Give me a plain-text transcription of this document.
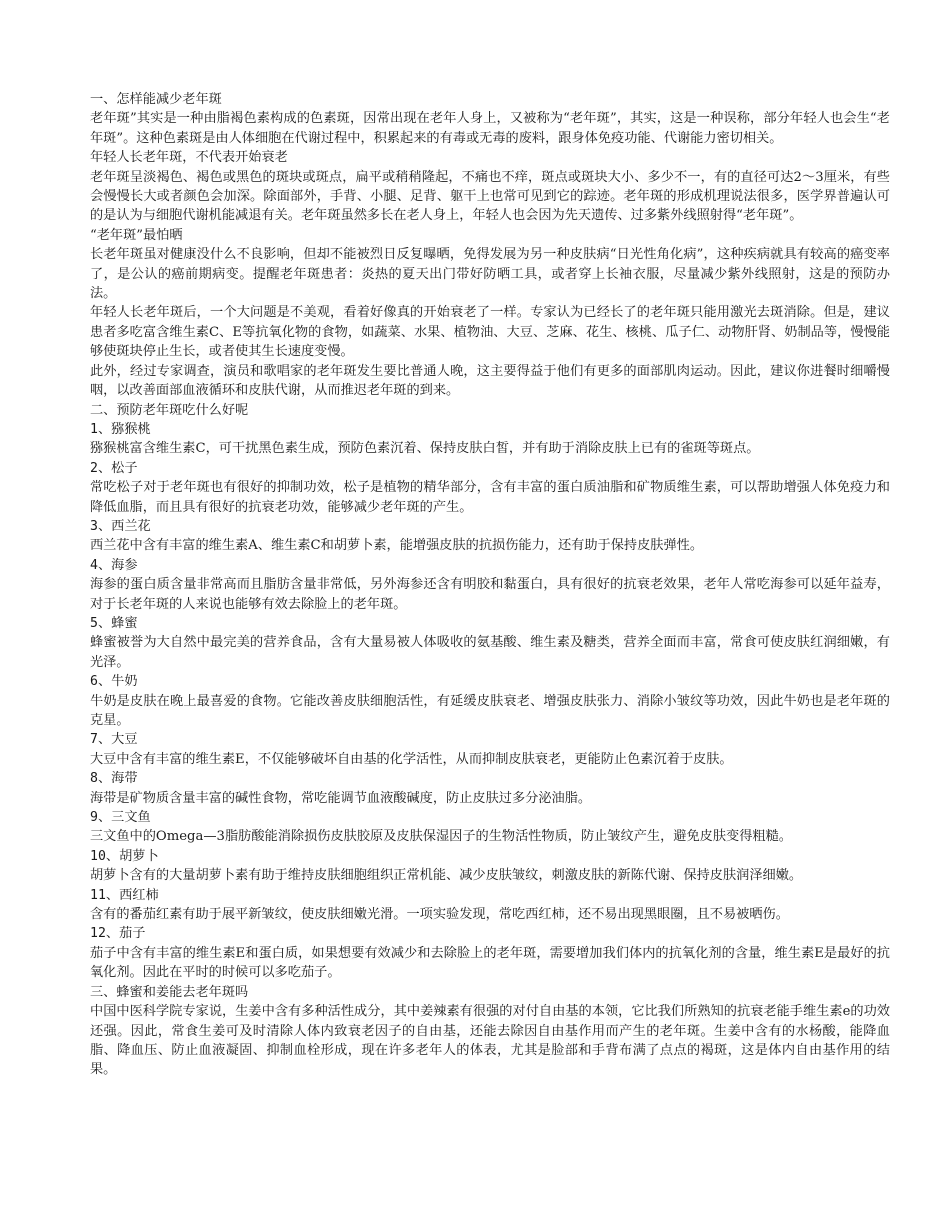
一、怎样能减少老年斑
老年斑”其实是一种由脂褐色素构成的色素斑，因常出现在老年人身上，又被称为“老年斑”，其实，这是一种误称，部分年轻人也会生“老年斑”。这种色素斑是由人体细胞在代谢过程中，积累起来的有毒或无毒的废料，跟身体免疫功能、代谢能力密切相关。
年轻人长老年斑，不代表开始衰老
老年斑呈淡褐色、褐色或黑色的斑块或斑点，扁平或稍稍隆起，不痛也不痒，斑点或斑块大小、多少不一，有的直径可达2～3厘米，有些会慢慢长大或者颜色会加深。除面部外，手背、小腿、足背、躯干上也常可见到它的踪迹。老年斑的形成机理说法很多，医学界普遍认可的是认为与细胞代谢机能减退有关。老年斑虽然多长在老人身上，年轻人也会因为先天遗传、过多紫外线照射得“老年斑”。
“老年斑”最怕晒
长老年斑虽对健康没什么不良影响，但却不能被烈日反复曝晒，免得发展为另一种皮肤病“日光性角化病”，这种疾病就具有较高的癌变率了，是公认的癌前期病变。提醒老年斑患者：炎热的夏天出门带好防晒工具，或者穿上长袖衣服，尽量减少紫外线照射，这是的预防办法。
年轻人长老年斑后，一个大问题是不美观，看着好像真的开始衰老了一样。专家认为已经长了的老年斑只能用激光去斑消除。但是，建议患者多吃富含维生素C、E等抗氧化物的食物，如蔬菜、水果、植物油、大豆、芝麻、花生、核桃、瓜子仁、动物肝肾、奶制品等，慢慢能够使斑块停止生长，或者使其生长速度变慢。
此外，经过专家调查，演员和歌唱家的老年斑发生要比普通人晚，这主要得益于他们有更多的面部肌肉运动。因此，建议你进餐时细嚼慢咽，以改善面部血液循环和皮肤代谢，从而推迟老年斑的到来。
二、预防老年斑吃什么好呢
1、猕猴桃
猕猴桃富含维生素C，可干扰黑色素生成，预防色素沉着、保持皮肤白皙，并有助于消除皮肤上已有的雀斑等斑点。
2、松子
常吃松子对于老年斑也有很好的抑制功效，松子是植物的精华部分，含有丰富的蛋白质油脂和矿物质维生素，可以帮助增强人体免疫力和降低血脂，而且具有很好的抗衰老功效，能够减少老年斑的产生。
3、西兰花
西兰花中含有丰富的维生素A、维生素C和胡萝卜素，能增强皮肤的抗损伤能力，还有助于保持皮肤弹性。
4、海参
海参的蛋白质含量非常高而且脂肪含量非常低，另外海参还含有明胶和黏蛋白，具有很好的抗衰老效果，老年人常吃海参可以延年益寿，对于长老年斑的人来说也能够有效去除脸上的老年斑。
5、蜂蜜
蜂蜜被誉为大自然中最完美的营养食品，含有大量易被人体吸收的氨基酸、维生素及糖类，营养全面而丰富，常食可使皮肤红润细嫩，有光泽。
6、牛奶
牛奶是皮肤在晚上最喜爱的食物。它能改善皮肤细胞活性，有延缓皮肤衰老、增强皮肤张力、消除小皱纹等功效，因此牛奶也是老年斑的克星。
7、大豆
大豆中含有丰富的维生素E，不仅能够破坏自由基的化学活性，从而抑制皮肤衰老，更能防止色素沉着于皮肤。
8、海带
海带是矿物质含量丰富的碱性食物，常吃能调节血液酸碱度，防止皮肤过多分泌油脂。
9、三文鱼
三文鱼中的Omega—3脂肪酸能消除损伤皮肤胶原及皮肤保湿因子的生物活性物质，防止皱纹产生，避免皮肤变得粗糙。
10、胡萝卜
胡萝卜含有的大量胡萝卜素有助于维持皮肤细胞组织正常机能、减少皮肤皱纹，刺激皮肤的新陈代谢、保持皮肤润泽细嫩。
11、西红柿
含有的番茄红素有助于展平新皱纹，使皮肤细嫩光滑。一项实验发现，常吃西红柿，还不易出现黑眼圈，且不易被晒伤。
12、茄子
茄子中含有丰富的维生素E和蛋白质，如果想要有效减少和去除脸上的老年斑，需要增加我们体内的抗氧化剂的含量，维生素E是最好的抗氧化剂。因此在平时的时候可以多吃茄子。
三、蜂蜜和姜能去老年斑吗
中国中医科学院专家说，生姜中含有多种活性成分，其中姜辣素有很强的对付自由基的本领，它比我们所熟知的抗衰老能手维生素e的功效还强。因此，常食生姜可及时清除人体内致衰老因子的自由基，还能去除因自由基作用而产生的老年斑。生姜中含有的水杨酸，能降血脂、降血压、防止血液凝固、抑制血栓形成，现在许多老年人的体表，尤其是脸部和手背布满了点点的褐斑，这是体内自由基作用的结果。
